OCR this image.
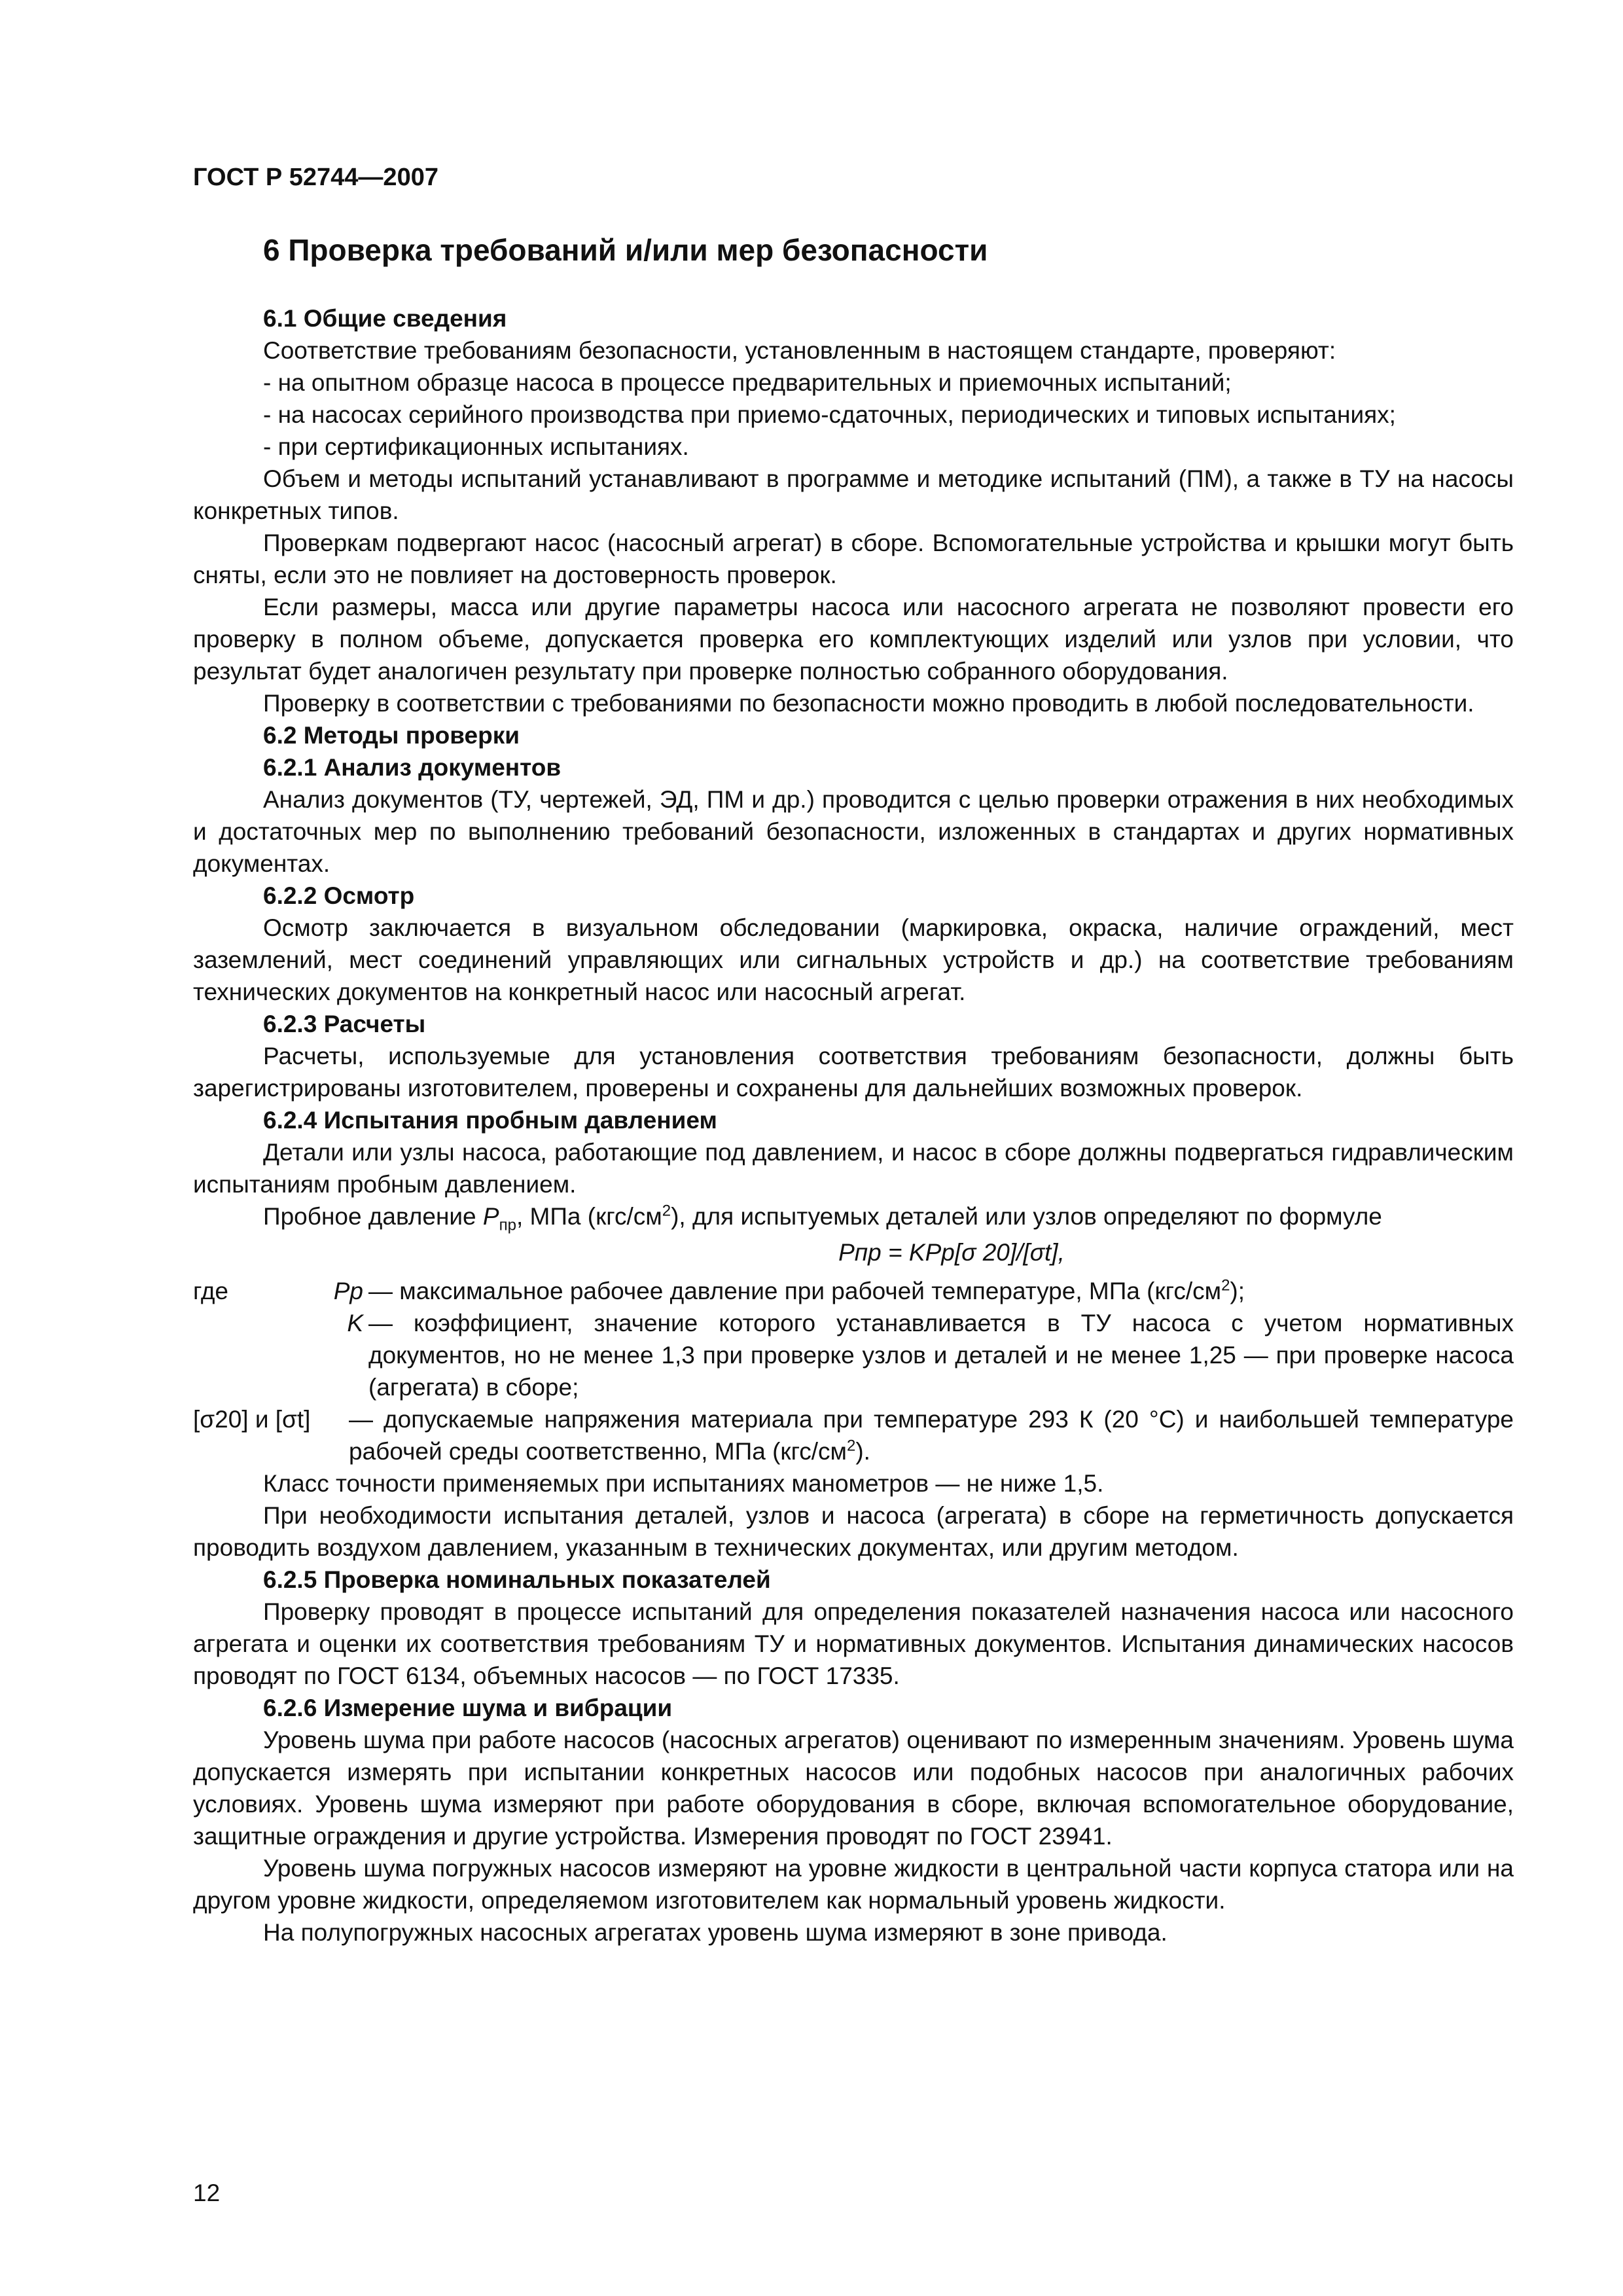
ГОСТ Р 52744—2007
6 Проверка требований и/или мер безопасности
6.1 Общие сведения

Соответствие требованиям безопасности, установленным в настоящем стандарте, проверяют:

- на опытном образце насоса в процессе предварительных и приемочных испытаний;

- на насосах серийного производства при приемо-сдаточных, периодических и типовых испытаниях;

- при сертификационных испытаниях.

Объем и методы испытаний устанавливают в программе и методике испытаний (ПМ), а также в ТУ на насосы конкретных типов.

Проверкам подвергают насос (насосный агрегат) в сборе. Вспомогательные устройства и крышки могут быть сняты, если это не повлияет на достоверность проверок.

Если размеры, масса или другие параметры насоса или насосного агрегата не позволяют провести его проверку в полном объеме, допускается проверка его комплектующих изделий или узлов при условии, что результат будет аналогичен результату при проверке полностью собранного оборудования.

Проверку в соответствии с требованиями по безопасности можно проводить в любой последовательности.

6.2 Методы проверки
6.2.1 Анализ документов

Анализ документов (ТУ, чертежей, ЭД, ПМ и др.) проводится с целью проверки отражения в них необходимых и достаточных мер по выполнению требований безопасности, изложенных в стандартах и других нормативных документах.

6.2.2 Осмотр

Осмотр заключается в визуальном обследовании (маркировка, окраска, наличие ограждений, мест заземлений, мест соединений управляющих или сигнальных устройств и др.) на соответствие требованиям технических документов на конкретный насос или насосный агрегат.

6.2.3 Расчеты

Расчеты, используемые для установления соответствия требованиям безопасности, должны быть зарегистрированы изготовителем, проверены и сохранены для дальнейших возможных проверок.

6.2.4 Испытания пробным давлением

Детали или узлы насоса, работающие под давлением, и насос в сборе должны подвергаться гидравлическим испытаниям пробным давлением.

Пробное давление $P_{пр}$, МПа $(кгс/см^2)$, для испытуемых деталей или узлов определяют по формуле

Pпр = KPp[σ 20]/[σt],
где	Pр — максимальное рабочее давление при рабочей температуре, МПа $(кгс/см^2)$;
K — коэффициент, значение которого устанавливается в ТУ насоса с учетом нормативных документов, но не менее 1,3 при проверке узлов и деталей и не менее 1,25 — при проверке насоса (агрегата) в сборе;
[σ20] и [σt]	— допускаемые напряжения материала при температуре 293 К (20 °С) и наибольшей температуре рабочей среды соответственно, МПа $(кгс/см^2)$.

Класс точности применяемых при испытаниях манометров — не ниже 1,5.

При необходимости испытания деталей, узлов и насоса (агрегата) в сборе на герметичность допускается проводить воздухом давлением, указанным в технических документах, или другим методом.

6.2.5 Проверка номинальных показателей

Проверку проводят в процессе испытаний для определения показателей назначения насоса или насосного агрегата и оценки их соответствия требованиям ТУ и нормативных документов. Испытания динамических насосов проводят по ГОСТ 6134, объемных насосов — по ГОСТ 17335.

6.2.6 Измерение шума и вибрации

Уровень шума при работе насосов (насосных агрегатов) оценивают по измеренным значениям. Уровень шума допускается измерять при испытании конкретных насосов или подобных насосов при аналогичных рабочих условиях. Уровень шума измеряют при работе оборудования в сборе, включая вспомогательное оборудование, защитные ограждения и другие устройства. Измерения проводят по ГОСТ 23941.

Уровень шума погружных насосов измеряют на уровне жидкости в центральной части корпуса статора или на другом уровне жидкости, определяемом изготовителем как нормальный уровень жидкости.

На полупогружных насосных агрегатах уровень шума измеряют в зоне привода.

12
